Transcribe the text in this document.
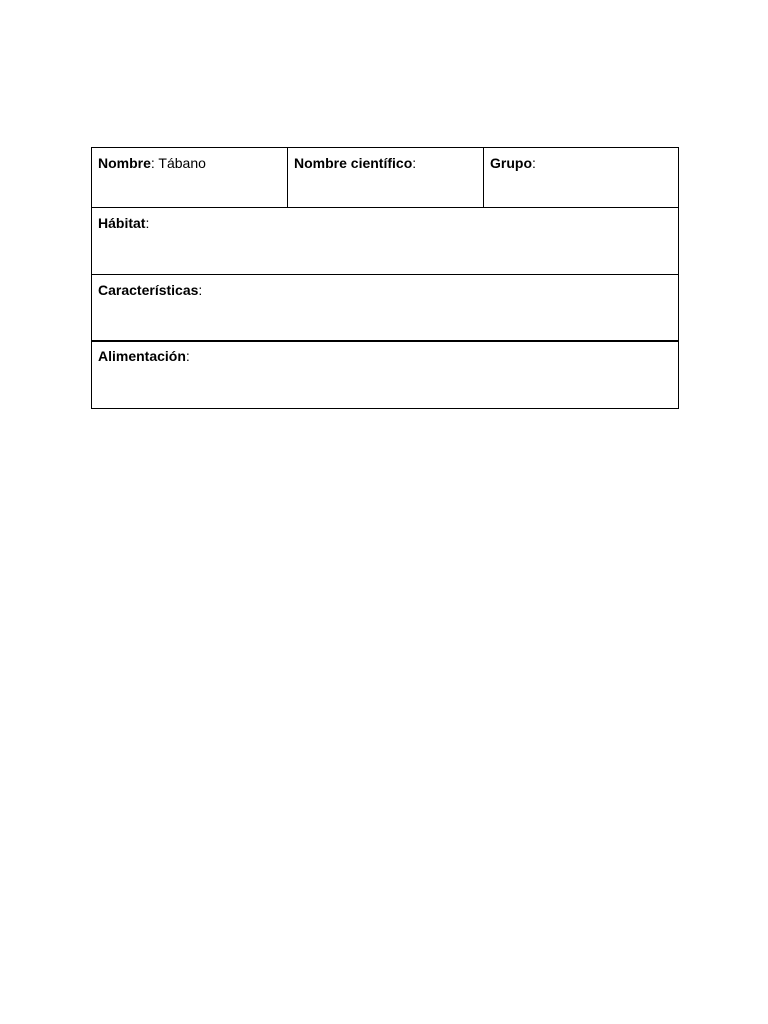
Nombre: Tábano	Nombre científico:	Grupo:
Hábitat:
Características:
Alimentación:
